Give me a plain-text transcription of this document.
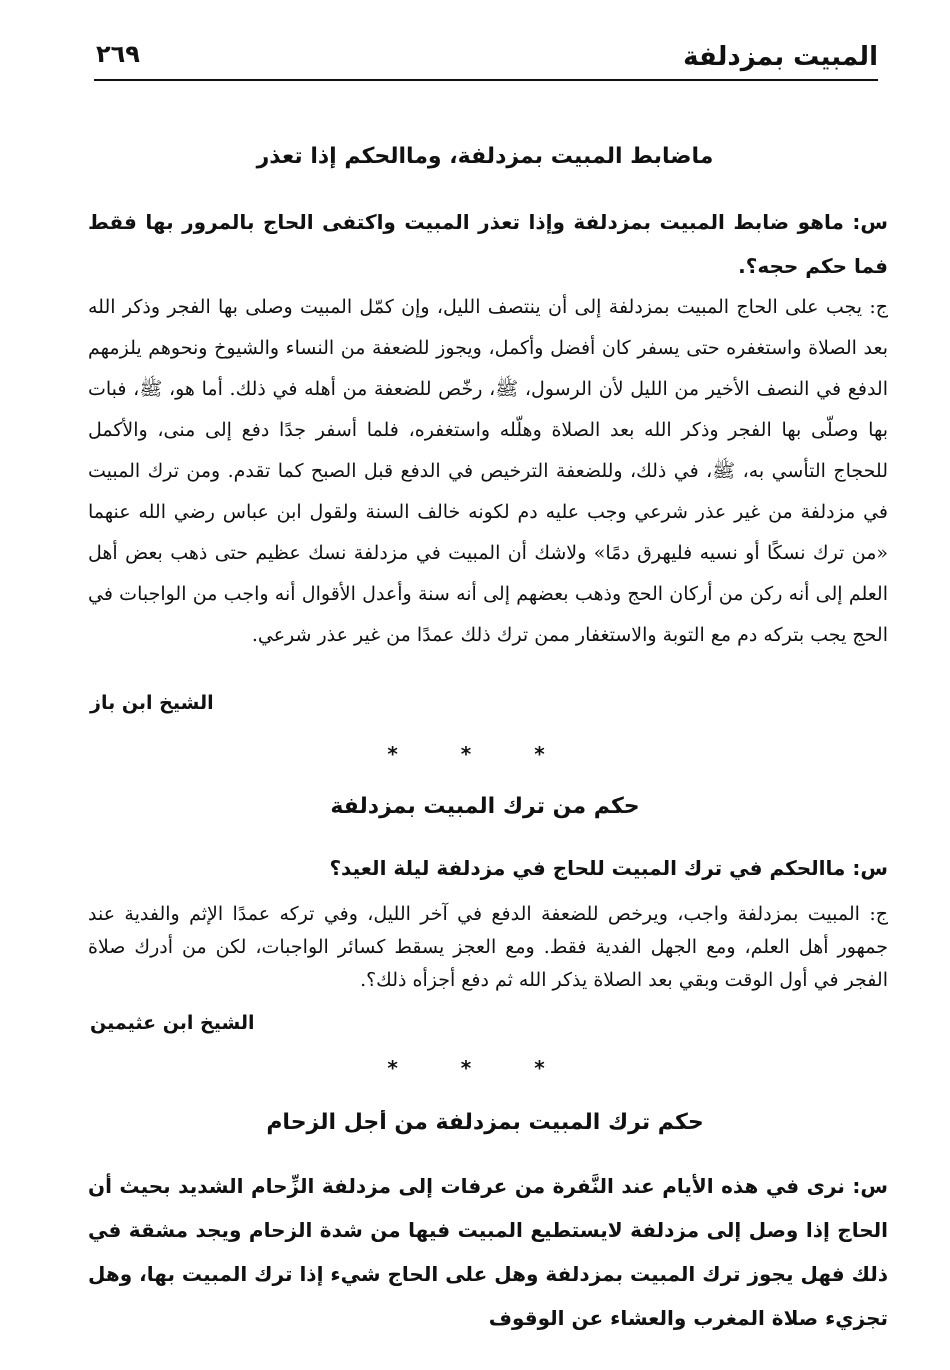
المبيت بمزدلفة
٢٦٩
ماضابط المبيت بمزدلفة، وماالحكم إذا تعذر
س: ماهو ضابط المبيت بمزدلفة وإذا تعذر المبيت واكتفى الحاج بالمرور بها فقط فما حكم حجه؟.
ج: يجب على الحاج المبيت بمزدلفة إلى أن ينتصف الليل، وإن كمّل المبيت وصلى بها الفجر وذكر الله بعد الصلاة واستغفره حتى يسفر كان أفضل وأكمل، ويجوز للضعفة من النساء والشيوخ ونحوهم يلزمهم الدفع في النصف الأخير من الليل لأن الرسول، ﷺ، رخّص للضعفة من أهله في ذلك. أما هو، ﷺ، فبات بها وصلّى بها الفجر وذكر الله بعد الصلاة وهلّله واستغفره، فلما أسفر جدًا دفع إلى منى، والأكمل للحجاج التأسي به، ﷺ، في ذلك، وللضعفة الترخيص في الدفع قبل الصبح كما تقدم. ومن ترك المبيت في مزدلفة من غير عذر شرعي وجب عليه دم لكونه خالف السنة ولقول ابن عباس رضي الله عنهما «من ترك نسكًا أو نسيه فليهرق دمًا» ولاشك أن المبيت في مزدلفة نسك عظيم حتى ذهب بعض أهل العلم إلى أنه ركن من أركان الحج وذهب بعضهم إلى أنه سنة وأعدل الأقوال أنه واجب من الواجبات في الحج يجب بتركه دم مع التوبة والاستغفار ممن ترك ذلك عمدًا من غير عذر شرعي.
الشيخ ابن باز
* * *
حكم من ترك المبيت بمزدلفة
س: ماالحكم في ترك المبيت للحاج في مزدلفة ليلة العيد؟
ج: المبيت بمزدلفة واجب، ويرخص للضعفة الدفع في آخر الليل، وفي تركه عمدًا الإثم والفدية عند جمهور أهل العلم، ومع الجهل الفدية فقط. ومع العجز يسقط كسائر الواجبات، لكن من أدرك صلاة الفجر في أول الوقت وبقي بعد الصلاة يذكر الله ثم دفع أجزأه ذلك؟.
الشيخ ابن عثيمين
* * *
حكم ترك المبيت بمزدلفة من أجل الزحام
س: نرى في هذه الأيام عند النَّفرة من عرفات إلى مزدلفة الزِّحام الشديد بحيث أن الحاج إذا وصل إلى مزدلفة لايستطيع المبيت فيها من شدة الزحام ويجد مشقة في ذلك فهل يجوز ترك المبيت بمزدلفة وهل على الحاج شيء إذا ترك المبيت بها، وهل تجزيء صلاة المغرب والعشاء عن الوقوف
